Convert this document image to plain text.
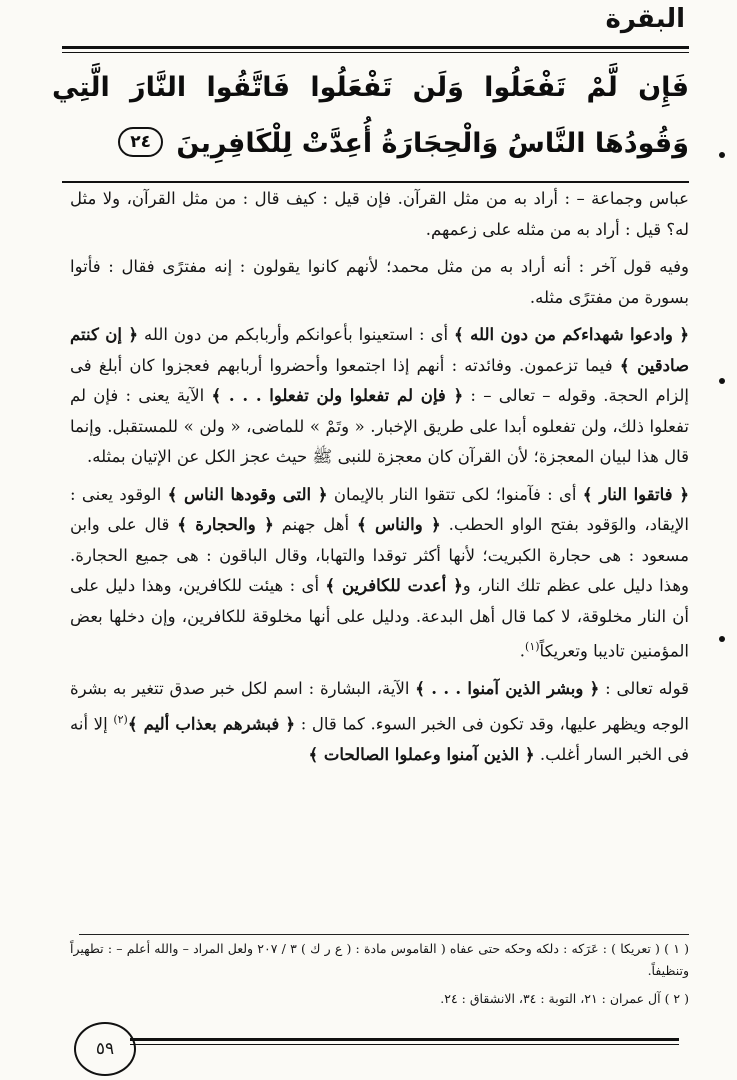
البقرة
فَإِن لَّمْ تَفْعَلُوا وَلَن تَفْعَلُوا فَاتَّقُوا النَّارَ الَّتِي وَقُودُهَا النَّاسُ وَالْحِجَارَةُ أُعِدَّتْ لِلْكَافِرِينَ ٢٤

عباس وجماعة – : أراد به من مثل القرآن. فإن قيل : كيف قال : من مثل القرآن، ولا مثل له؟ قيل : أراد به من مثله على زعمهم.

وفيه قول آخر : أنه أراد به من مثل محمد؛ لأنهم كانوا يقولون : إنه مفترًى فقال : فأتوا بسورة من مفترًى مثله.

﴿ وادعوا شهداءكم من دون الله ﴾ أى : استعينوا بأعوانكم وأربابكم من دون الله ﴿ إن كنتم صادقين ﴾ فيما تزعمون. وفائدته : أنهم إذا اجتمعوا وأحضروا أربابهم فعجزوا كان أبلغ فى إلزام الحجة. وقوله – تعالى – : ﴿ فإن لم تفعلوا ولن تفعلوا . . . ﴾ الآية يعنى : فإن لم تفعلوا ذلك، ولن تفعلوه أبدا على طريق الإخبار. « وتَمْ » للماضى، « ولن » للمستقبل. وإنما قال هذا لبيان المعجزة؛ لأن القرآن كان معجزة للنبى ﷺ حيث عجز الكل عن الإتيان بمثله.

﴿ فاتقوا النار ﴾ أى : فآمنوا؛ لكى تتقوا النار بالإيمان ﴿ التى وقودها الناس ﴾ الوقود يعنى : الإيقاد، والوَقود بفتح الواو الحطب. ﴿ والناس ﴾ أهل جهنم ﴿ والحجارة ﴾ قال على وابن مسعود : هى حجارة الكبريت؛ لأنها أكثر توقدا والتهابا، وقال الباقون : هى جميع الحجارة. وهذا دليل على عظم تلك النار، و﴿ أعدت للكافرين ﴾ أى : هيئت للكافرين، وهذا دليل على أن النار مخلوقة، لا كما قال أهل البدعة. ودليل على أنها مخلوقة للكافرين، وإن دخلها بعض المؤمنين تاديبا وتعريكاً$^{(١)}$.

قوله تعالى : ﴿ وبشر الذين آمنوا . . . ﴾ الآية، البشارة : اسم لكل خبر صدق تتغير به بشرة الوجه ويظهر عليها، وقد تكون فى الخبر السوء. كما قال : ﴿ فبشرهم بعذاب أليم ﴾$^{(٢)}$ إلا أنه فى الخبر السار أغلب. ﴿ الذين آمنوا وعملوا الصالحات ﴾

( ١ ) ( تعريكا ) : عَرَكه : دلكه وحكه حتى عفاه ( القاموس مادة : ( ع ر ك ) ٣ / ٢٠٧ ولعل المراد – والله أعلم – : تطهيراً وتنظيفاً.

( ٢ ) آل عمران : ٢١، التوبة : ٣٤، الانشقاق : ٢٤.

٥٩
